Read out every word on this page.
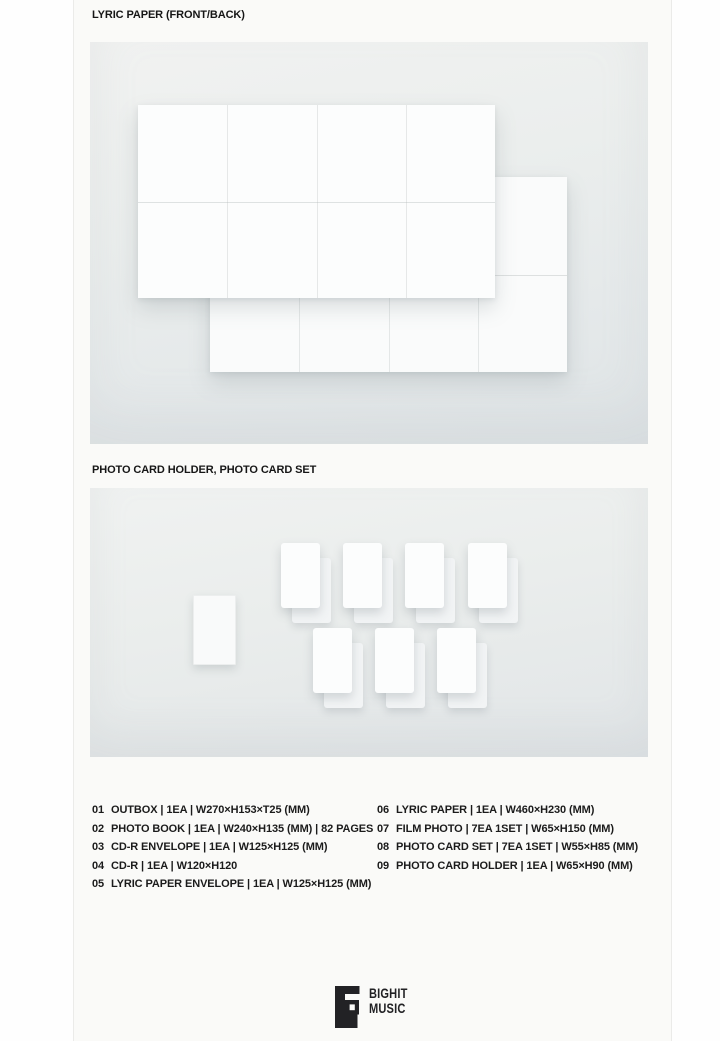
LYRIC PAPER (FRONT/BACK)
PHOTO CARD HOLDER, PHOTO CARD SET
01 OUTBOX | 1EA | W270×H153×T25 (MM)
02 PHOTO BOOK | 1EA | W240×H135 (MM) | 82 PAGES
03 CD-R ENVELOPE | 1EA | W125×H125 (MM)
04 CD-R | 1EA | W120×H120
05 LYRIC PAPER ENVELOPE | 1EA | W125×H125 (MM)
06 LYRIC PAPER | 1EA | W460×H230 (MM)
07 FILM PHOTO | 7EA 1SET | W65×H150 (MM)
08 PHOTO CARD SET | 7EA 1SET | W55×H85 (MM)
09 PHOTO CARD HOLDER | 1EA | W65×H90 (MM)
BIGHIT
MUSIC
